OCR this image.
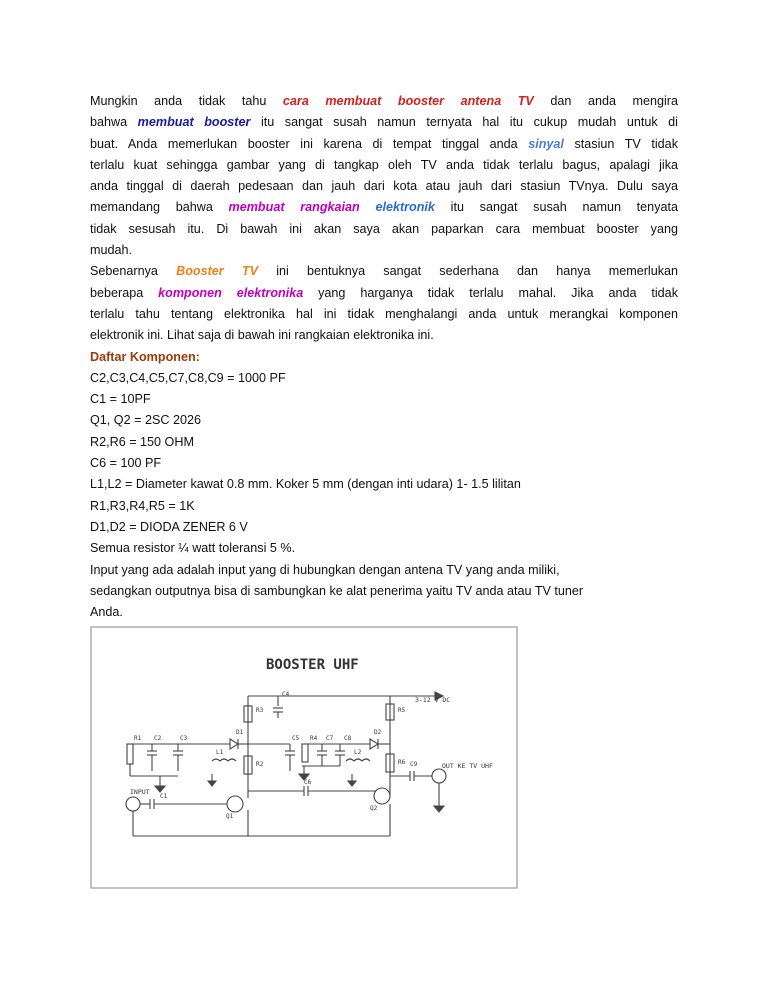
Mungkin anda tidak tahu cara membuat booster antena TV dan anda mengira
bahwa membuat booster itu sangat susah namun ternyata hal itu cukup mudah untuk di
buat. Anda memerlukan booster ini karena di tempat tinggal anda sinyal stasiun TV tidak
terlalu kuat sehingga gambar yang di tangkap oleh TV anda tidak terlalu bagus, apalagi jika
anda tinggal di daerah pedesaan dan jauh dari kota atau jauh dari stasiun TVnya. Dulu saya
memandang bahwa membuat rangkaian elektronik itu sangat susah namun tenyata
tidak sesusah itu. Di bawah ini akan saya akan paparkan cara membuat booster yang
mudah.
Sebenarnya Booster TV ini bentuknya sangat sederhana dan hanya memerlukan
beberapa komponen elektronika yang harganya tidak terlalu mahal. Jika anda tidak
terlalu tahu tentang elektronika hal ini tidak menghalangi anda untuk merangkai komponen
elektronik ini. Lihat saja di bawah ini rangkaian elektronika ini.
Daftar Komponen:
C2,C3,C4,C5,C7,C8,C9 = 1000 PF
C1 = 10PF
Q1, Q2 = 2SC 2026
R2,R6 = 150 OHM
C6 = 100 PF
L1,L2 = Diameter kawat 0.8 mm. Koker 5 mm (dengan inti udara) 1- 1.5 lilitan
R1,R3,R4,R5 = 1K
D1,D2 = DIODA ZENER 6 V
Semua resistor ¼ watt toleransi 5 %.
Input yang ada adalah input yang di hubungkan dengan antena TV yang anda miliki,
sedangkan outputnya bisa di sambungkan ke alat penerima yaitu TV anda atau TV tuner
Anda.
BOOSTER UHF
3-12 V DC
INPUT
OUT KE TV UHF
R1 C2	C3
C4
R3
D1
L1
R2
Q1
C1
C5 R4 C7 C8
L2
C6
R5
D2
R6
Q2
C9
